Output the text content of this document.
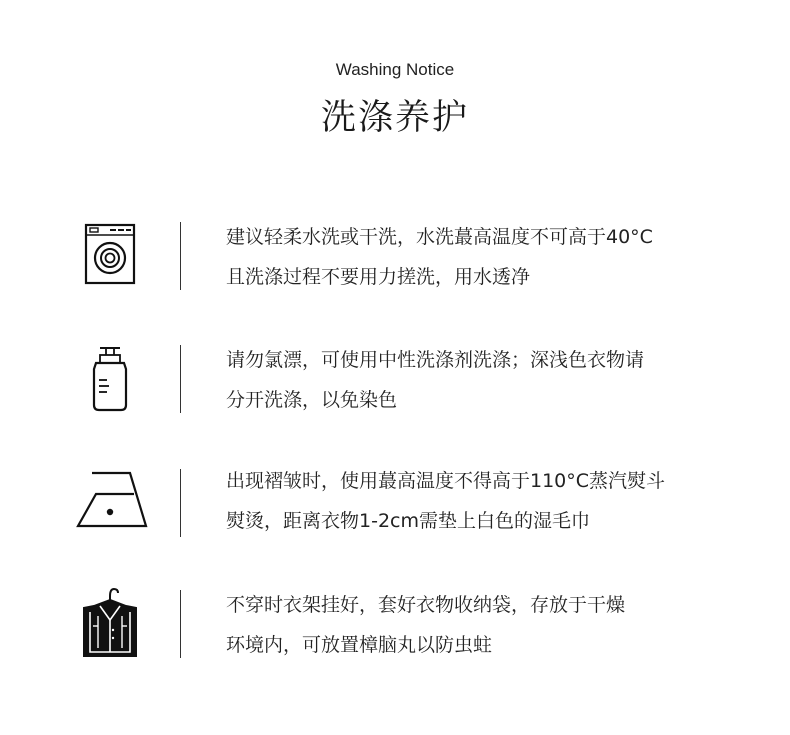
Washing Notice
洗涤养护
建议轻柔水洗或干洗，水洗蕞高温度不可高于40°C
且洗涤过程不要用力搓洗，用水透净
请勿氯漂，可使用中性洗涤剂洗涤；深浅色衣物请
分开洗涤，以免染色
出现褶皱时，使用蕞高温度不得高于110°C蒸汽熨斗
熨烫，距离衣物1-2cm需垫上白色的湿毛巾
不穿时衣架挂好，套好衣物收纳袋，存放于干燥
环境内，可放置樟脑丸以防虫蛀
